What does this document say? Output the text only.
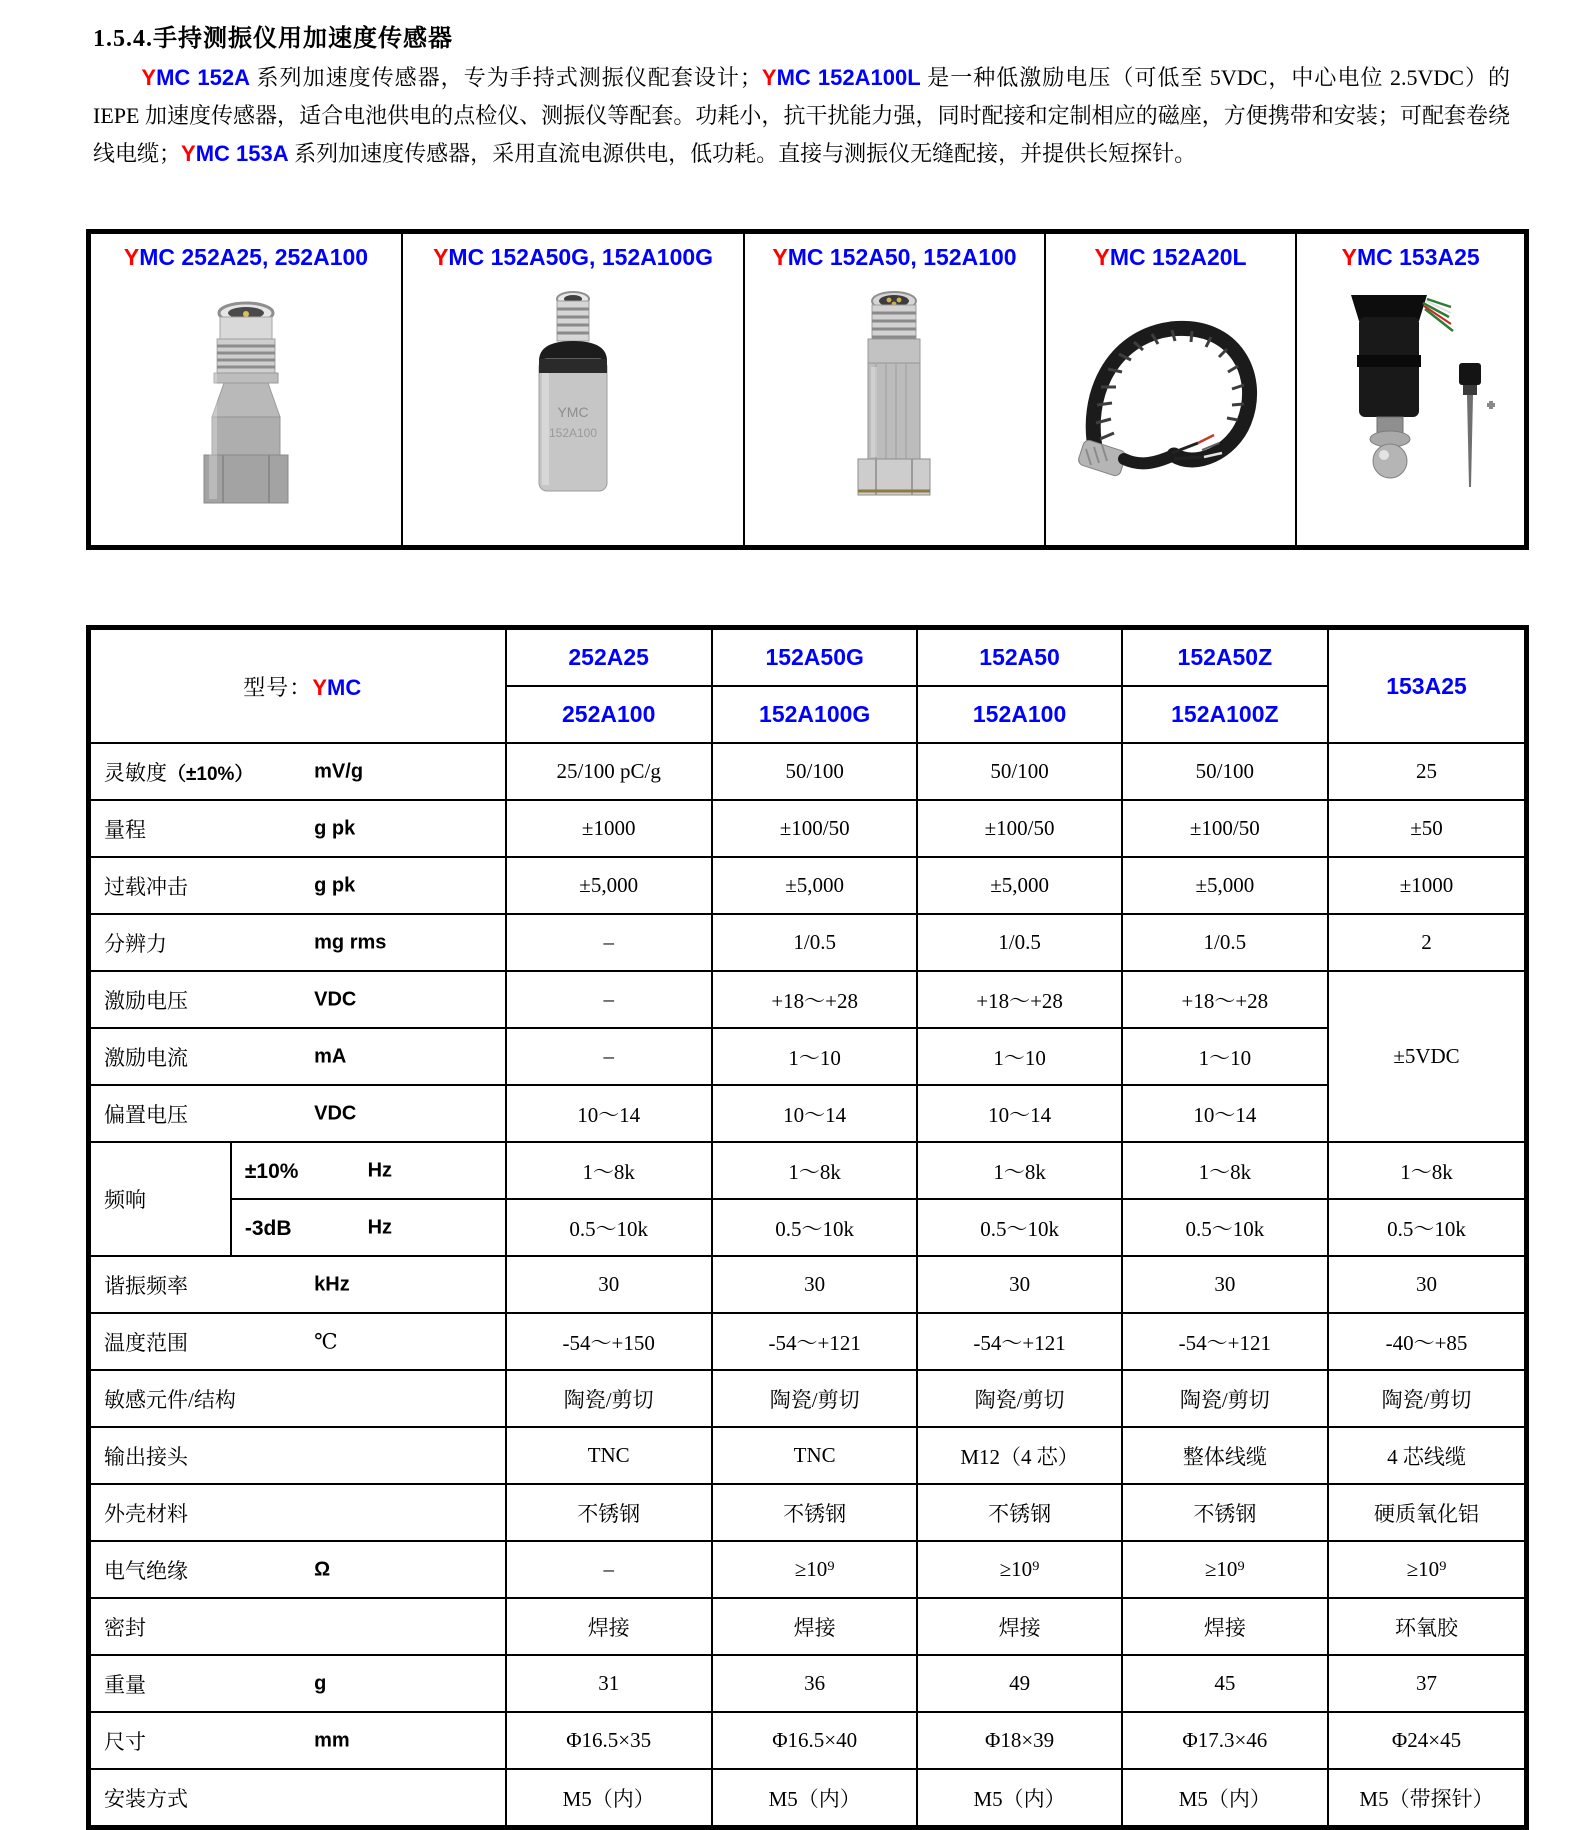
1.5.4.手持测振仪用加速度传感器

YMC 152A 系列加速度传感器，专为手持式测振仪配套设计；YMC 152A100L 是一种低激励电压（可低至 5VDC，中心电位 2.5VDC）的 IEPE 加速度传感器，适合电池供电的点检仪、测振仪等配套。功耗小，抗干扰能力强，同时配接和定制相应的磁座，方便携带和安装；可配套卷绕线电缆；YMC 153A 系列加速度传感器，采用直流电源供电，低功耗。直接与测振仪无缝配接，并提供长短探针。

YMC 252A25, 252A100	YMC 152A50G, 152A100G
YMC
152A100

YMC 152A50, 152A100	YMC 152A20L	YMC 153A25
型号：YMC		252A25	152A50G	152A50	152A50Z	153A25
		252A100	152A100G	152A100	152A100Z	
灵敏度（±10%） mV/g		25/100 pC/g	50/100	50/100	50/100	25
量程 g pk		±1000	±100/50	±100/50	±100/50	±50
过载冲击 g pk		±5,000	±5,000	±5,000	±5,000	±1000
分辨力 mg rms		–	1/0.5	1/0.5	1/0.5	2
激励电压 VDC		–	+18～+28	+18～+28	+18～+28	±5VDC
激励电流 mA		–	1～10	1～10	1～10	
偏置电压 VDC		10～14	10～14	10～14	10～14	
频响	±10% Hz	1～8k	1～8k	1～8k	1～8k	1～8k
	-3dB Hz	0.5～10k	0.5～10k	0.5～10k	0.5～10k	0.5～10k
谐振频率 kHz		30	30	30	30	30
温度范围 ℃		-54～+150	-54～+121	-54～+121	-54～+121	-40～+85
敏感元件/结构		陶瓷/剪切	陶瓷/剪切	陶瓷/剪切	陶瓷/剪切	陶瓷/剪切
输出接头		TNC	TNC	M12（4 芯）	整体线缆	4 芯线缆
外壳材料		不锈钢	不锈钢	不锈钢	不锈钢	硬质氧化铝
电气绝缘 Ω		–	≥10⁹	≥10⁹	≥10⁹	≥10⁹
密封		焊接	焊接	焊接	焊接	环氧胶
重量 g		31	36	49	45	37
尺寸 mm		Φ16.5×35	Φ16.5×40	Φ18×39	Φ17.3×46	Φ24×45
安装方式		M5（内）	M5（内）	M5（内）	M5（内）	M5（带探针）
